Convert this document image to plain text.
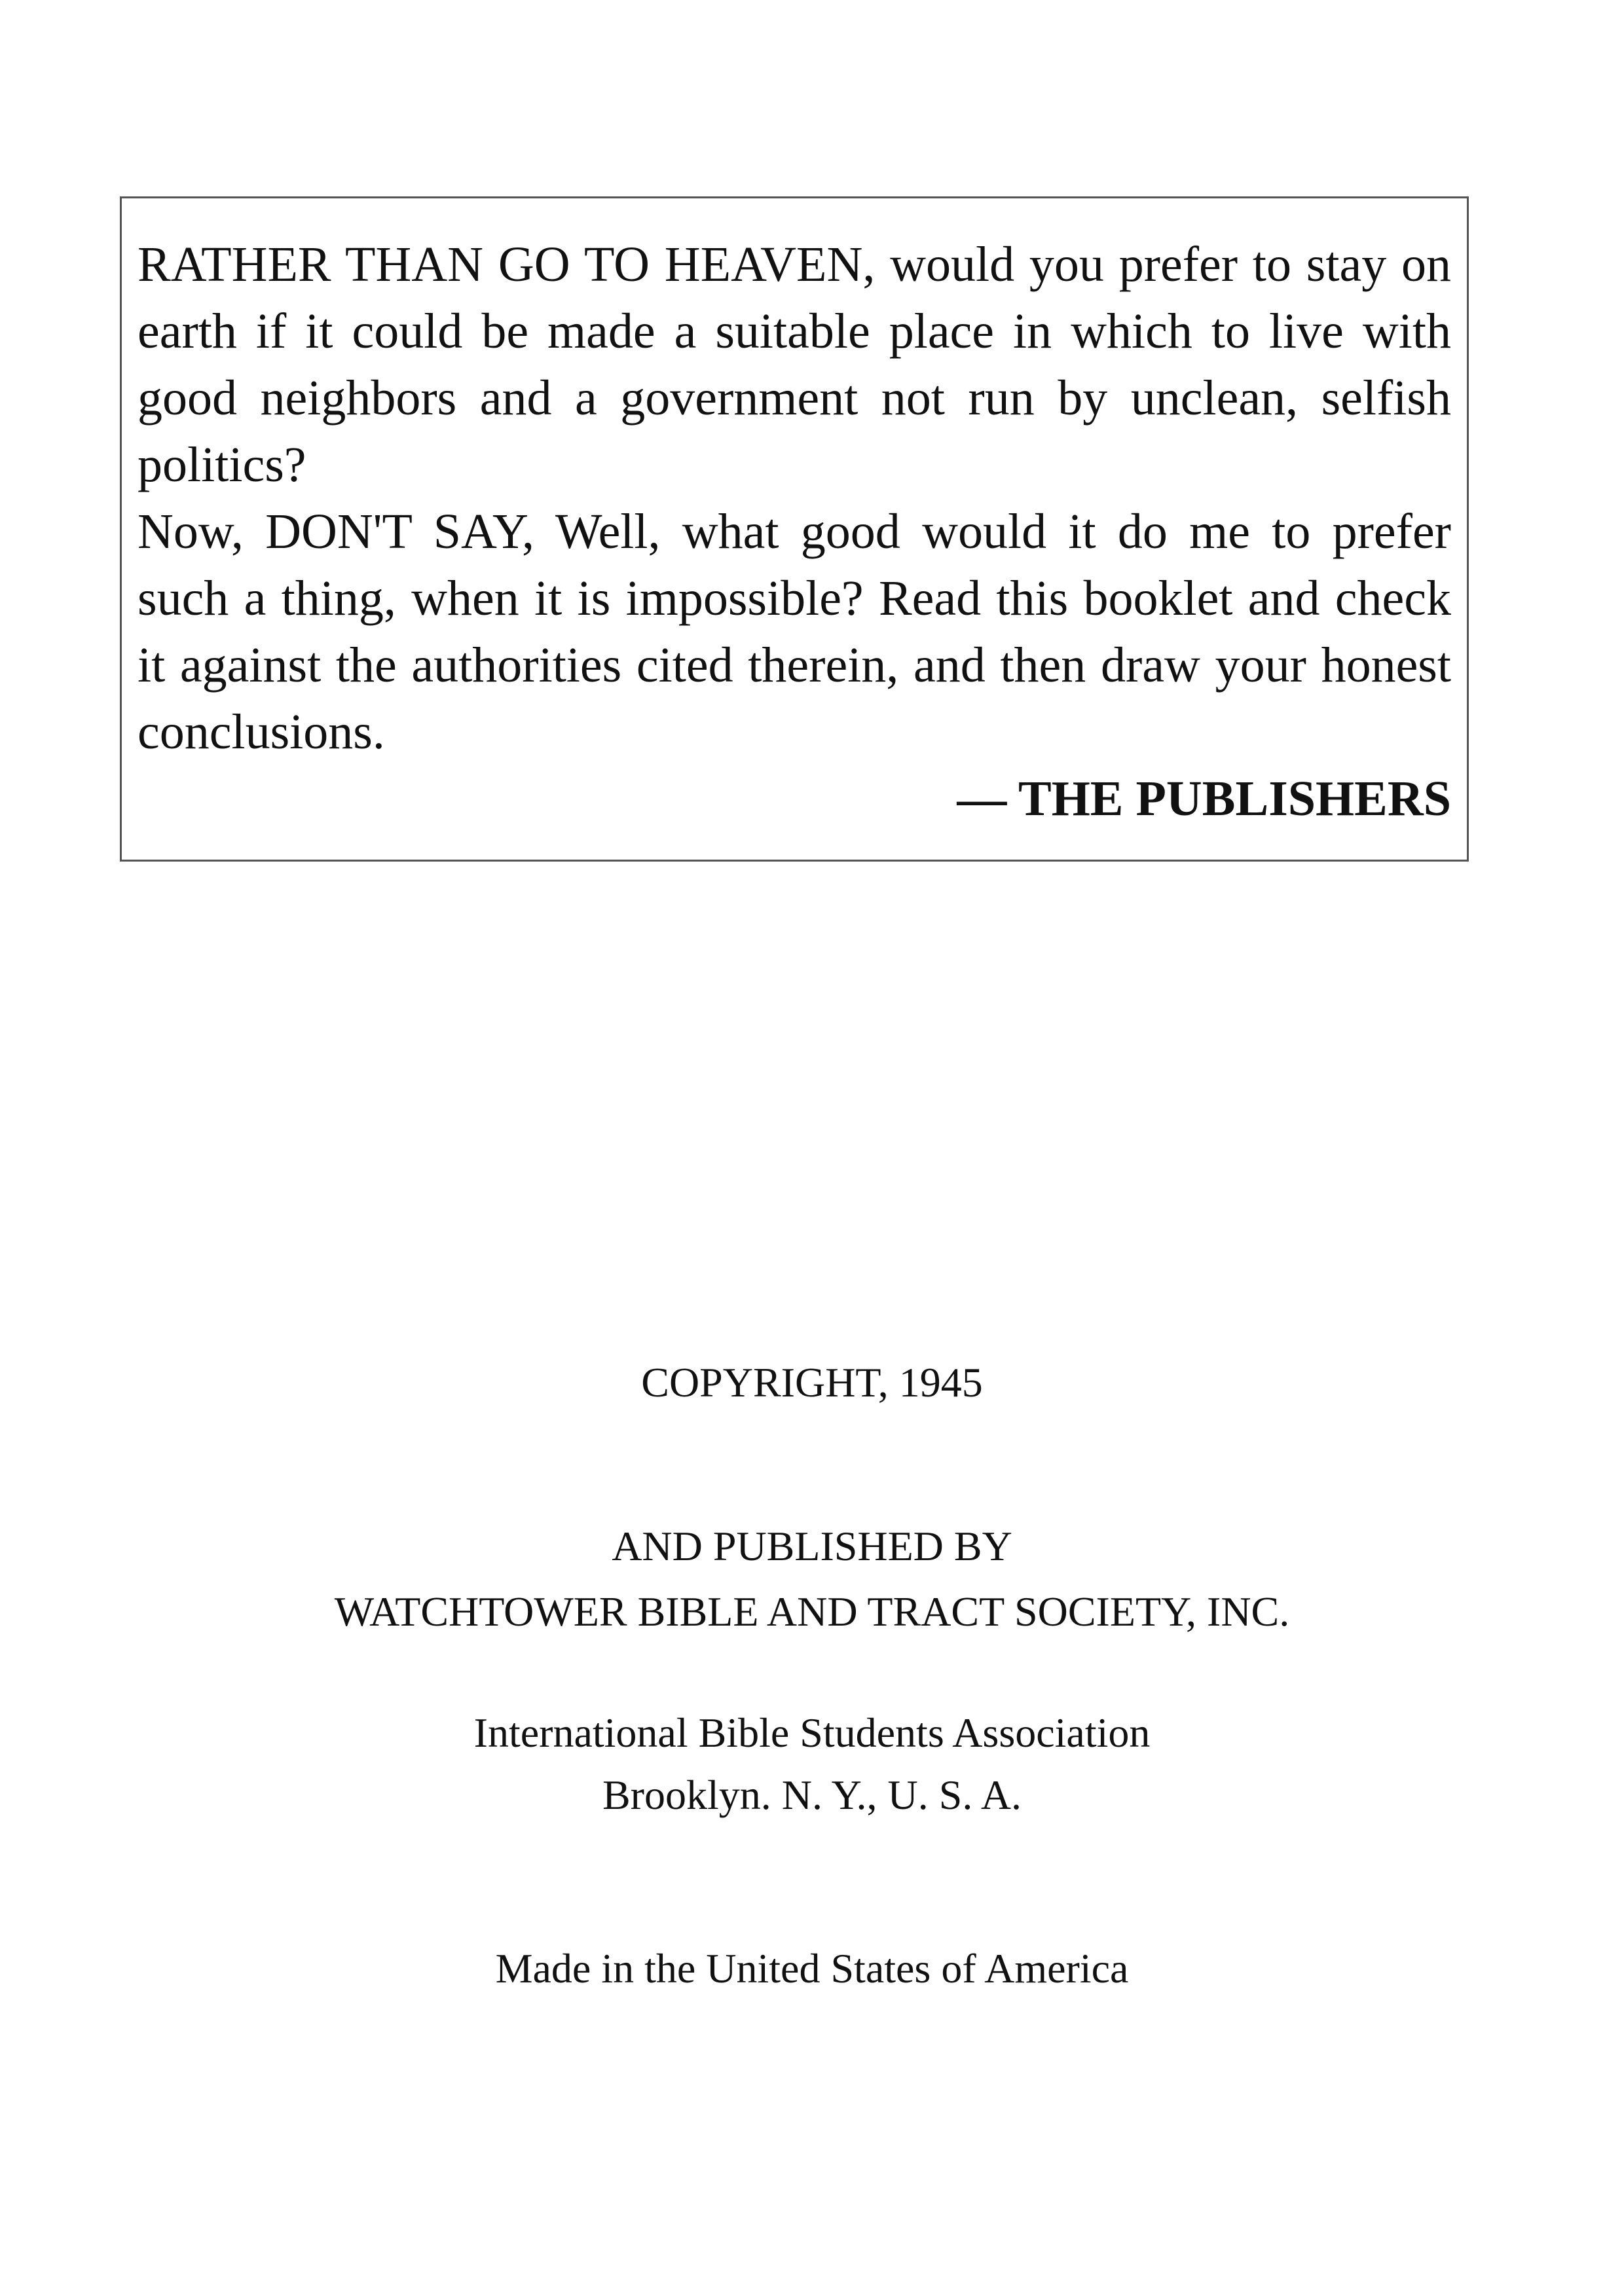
RATHER THAN GO TO HEAVEN, would you prefer to stay on earth if it could be made a suitable place in which to live with good neighbors and a government not run by unclean, selfish politics?

Now, DON'T SAY, Well, what good would it do me to prefer such a thing, when it is impossible? Read this booklet and check it against the authorities cited therein, and then draw your honest conclusions.

— THE PUBLISHERS

COPYRIGHT, 1945

AND PUBLISHED BY

WATCHTOWER BIBLE AND TRACT SOCIETY, INC.

International Bible Students Association

Brooklyn. N. Y., U. S. A.

Made in the United States of America
